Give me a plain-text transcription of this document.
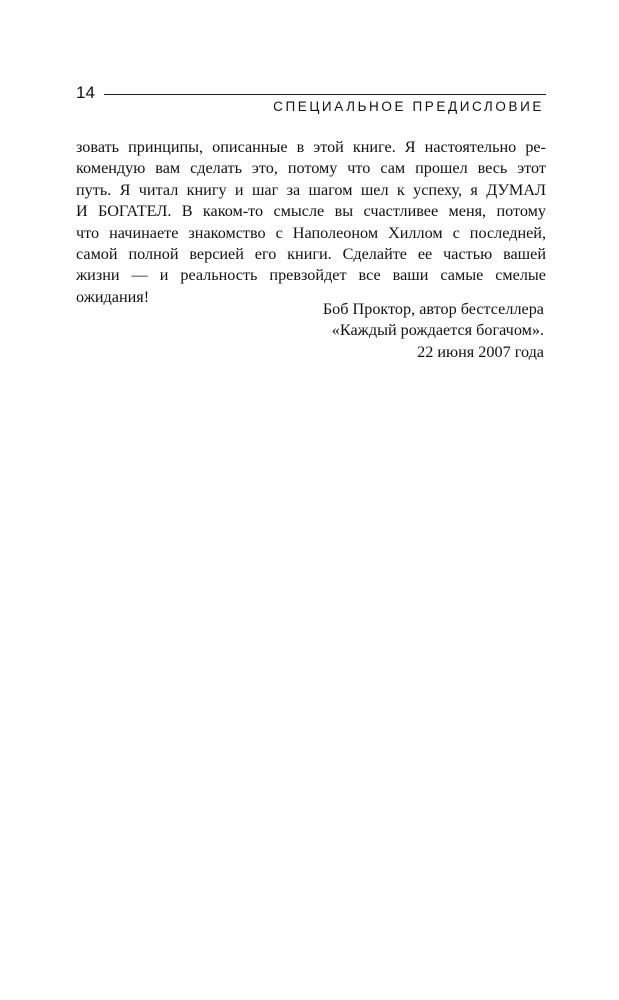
14
СПЕЦИАЛЬНОЕ ПРЕДИСЛОВИЕ
зовать принципы, описанные в этой книге. Я настоятельно ре-
комендую вам сделать это, потому что сам прошел весь этот
путь. Я читал книгу и шаг за шагом шел к успеху, я ДУМАЛ
И БОГАТЕЛ. В каком-то смысле вы счастливее меня, потому
что начинаете знакомство с Наполеоном Хиллом с последней,
самой полной версией его книги. Сделайте ее частью вашей
жизни — и реальность превзойдет все ваши самые смелые
ожидания!
Боб Проктор, автор бестселлера
«Каждый рождается богачом».
22 июня 2007 года
